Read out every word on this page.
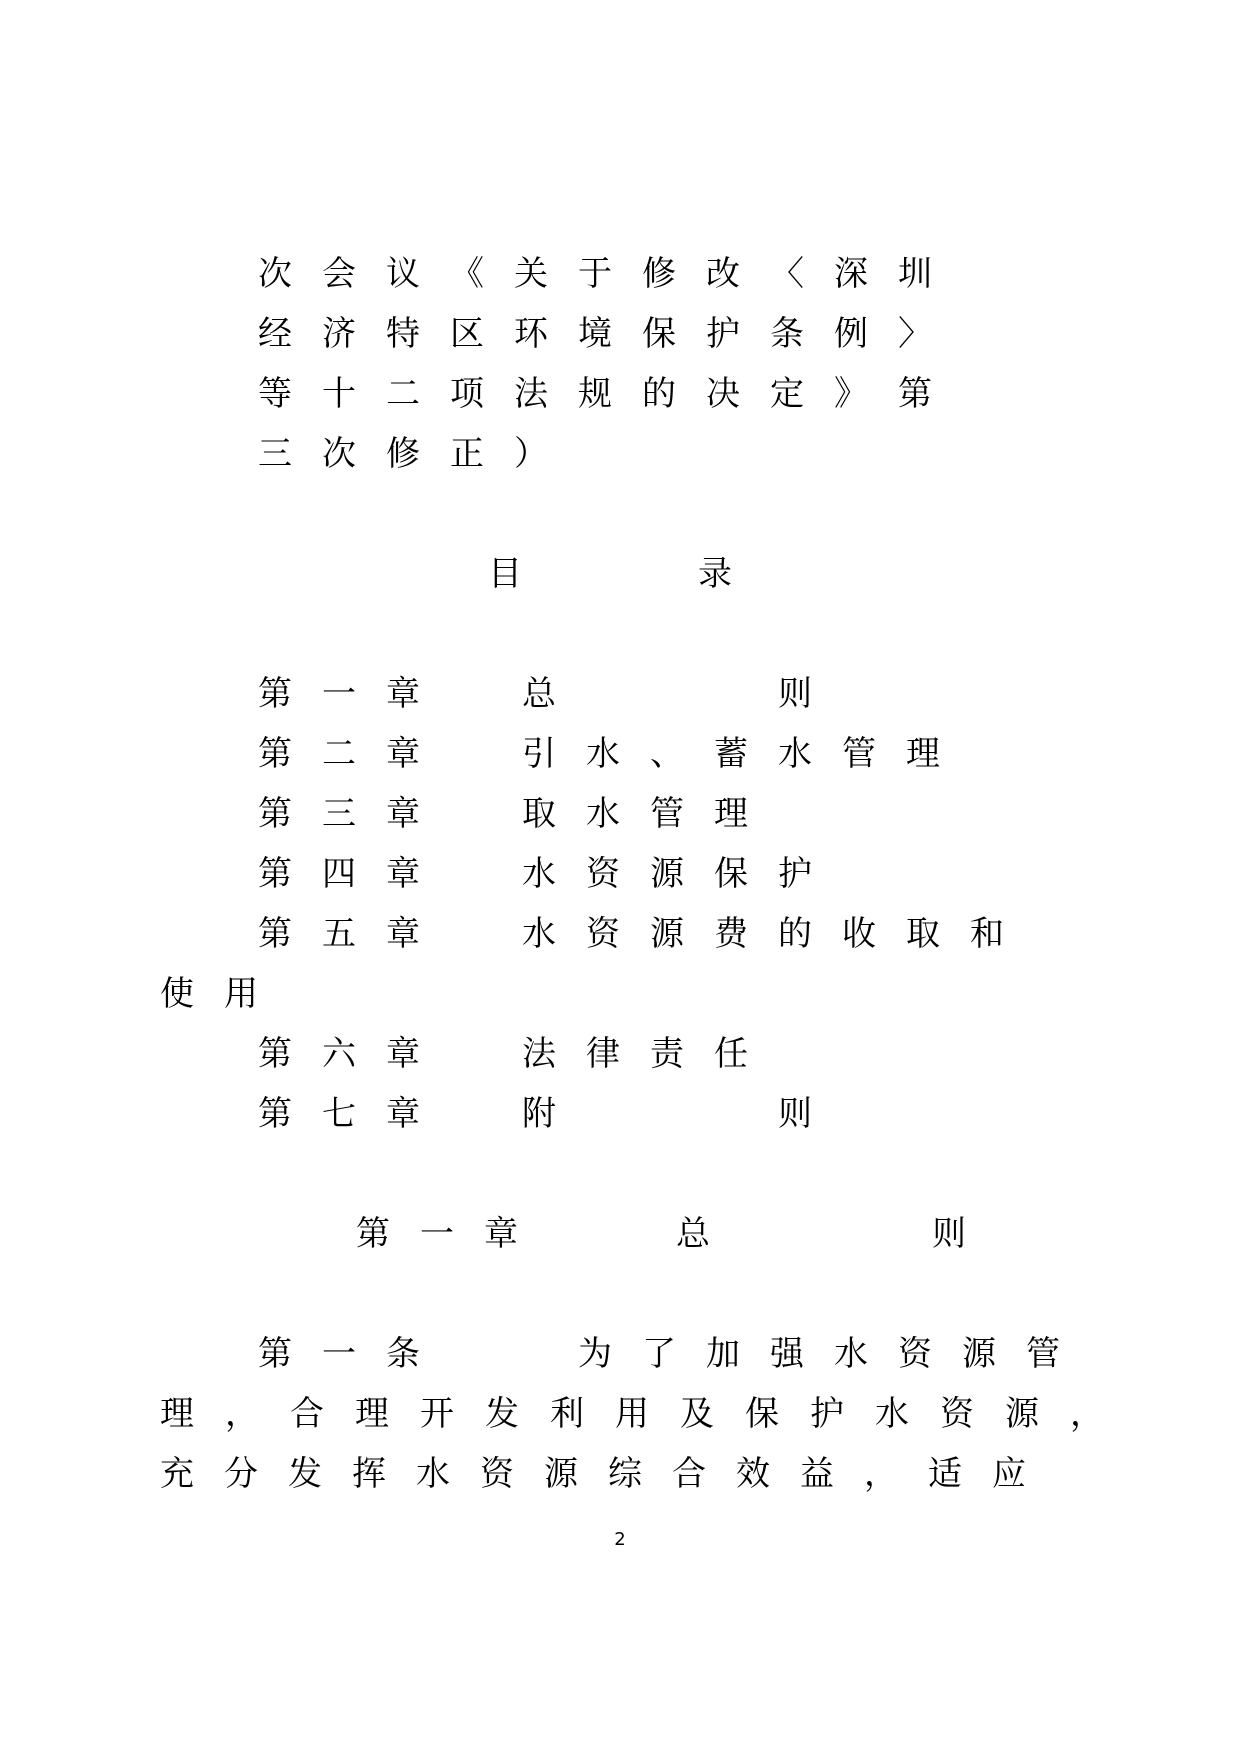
次会议《关于修改〈深圳
经济特区环境保护条例〉
等十二项法规的决定》第
三次修正）
目　　录
第一章 总　　　则
第二章 引水、蓄水管理
第三章 取水管理
第四章 水资源保护
第五章 水资源费的收取和
使用
第六章 法律责任
第七章 附　　　则
第一章　　总　　　则
第一条　　为了加强水资源管
理，合理开发利用及保护水资源，
充分发挥水资源综合效益，适应
2
